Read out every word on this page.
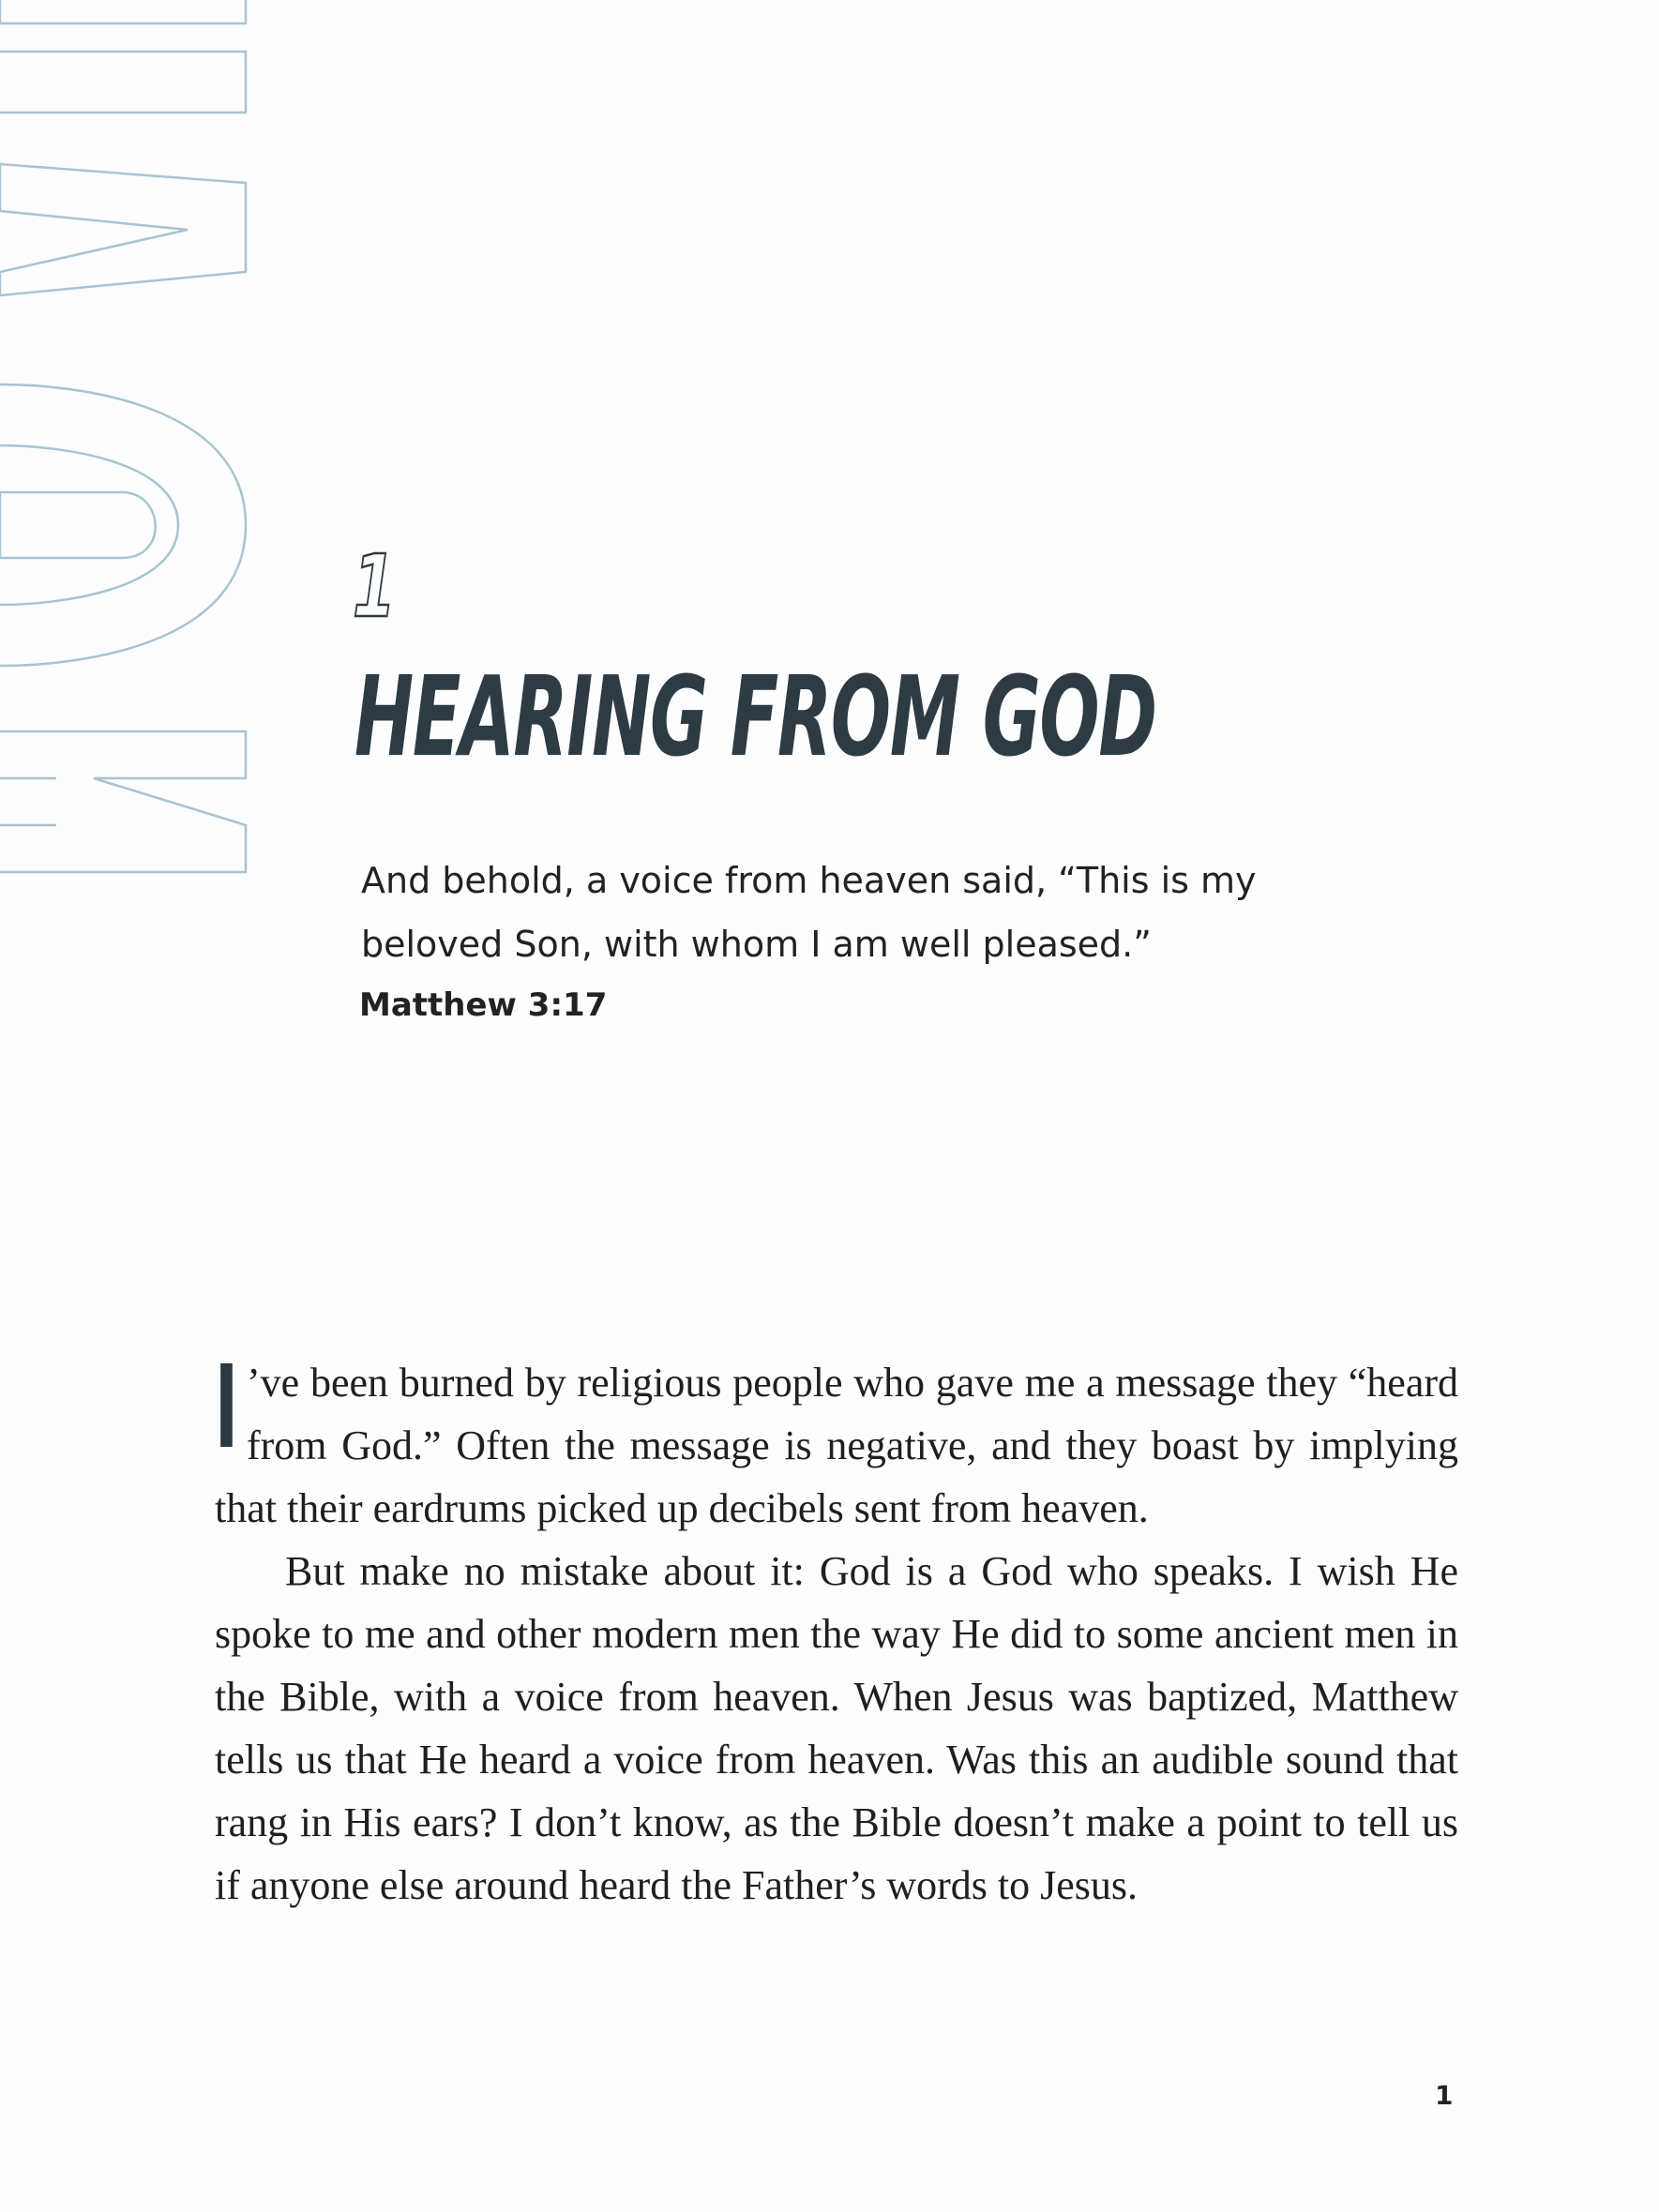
1
HEARING FROM GOD

And behold, a voice from heaven said, “This is my beloved Son, with whom I am well pleased.”

Matthew 3:17

I ’ve been burned by religious people who gave me a message they “heard from God.” Often the message is negative, and they boast by implying that their eardrums picked up decibels sent from heaven.

But make no mistake about it: God is a God who speaks. I wish He spoke to me and other modern men the way He did to some ancient men in the Bible, with a voice from heaven. When Jesus was baptized, Matthew tells us that He heard a voice from heaven. Was this an audible sound that rang in His ears? I don’t know, as the Bible doesn’t make a point to tell us if anyone else around heard the Father’s words to Jesus.

1
